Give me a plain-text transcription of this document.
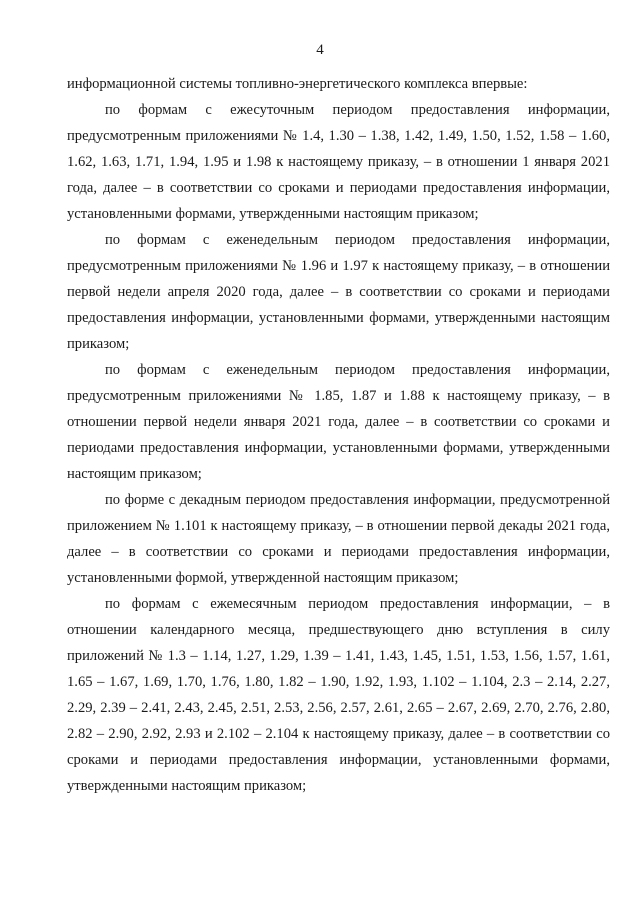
4

информационной системы топливно-энергетического комплекса впервые:

по формам с ежесуточным периодом предоставления информации, предусмотренным приложениями № 1.4, 1.30 – 1.38, 1.42, 1.49, 1.50, 1.52, 1.58 – 1.60, 1.62, 1.63, 1.71, 1.94, 1.95 и 1.98 к настоящему приказу, – в отношении 1 января 2021 года, далее – в соответствии со сроками и периодами предоставления информации, установленными формами, утвержденными настоящим приказом;

по формам с еженедельным периодом предоставления информации, предусмотренным приложениями № 1.96 и 1.97 к настоящему приказу, – в отношении первой недели апреля 2020 года, далее – в соответствии со сроками и периодами предоставления информации, установленными формами, утвержденными настоящим приказом;

по формам с еженедельным периодом предоставления информации, предусмотренным приложениями № 1.85, 1.87 и 1.88 к настоящему приказу, – в отношении первой недели января 2021 года, далее – в соответствии со сроками и периодами предоставления информации, установленными формами, утвержденными настоящим приказом;

по форме с декадным периодом предоставления информации, предусмотренной приложением № 1.101 к настоящему приказу, – в отношении первой декады 2021 года, далее – в соответствии со сроками и периодами предоставления информации, установленными формой, утвержденной настоящим приказом;

по формам с ежемесячным периодом предоставления информации, – в отношении календарного месяца, предшествующего дню вступления в силу приложений № 1.3 – 1.14, 1.27, 1.29, 1.39 – 1.41, 1.43, 1.45, 1.51, 1.53, 1.56, 1.57, 1.61, 1.65 – 1.67, 1.69, 1.70, 1.76, 1.80, 1.82 – 1.90, 1.92, 1.93, 1.102 – 1.104, 2.3 – 2.14, 2.27, 2.29, 2.39 – 2.41, 2.43, 2.45, 2.51, 2.53, 2.56, 2.57, 2.61, 2.65 – 2.67, 2.69, 2.70, 2.76, 2.80, 2.82 – 2.90, 2.92, 2.93 и 2.102 – 2.104 к настоящему приказу, далее – в соответствии со сроками и периодами предоставления информации, установленными формами, утвержденными настоящим приказом;
